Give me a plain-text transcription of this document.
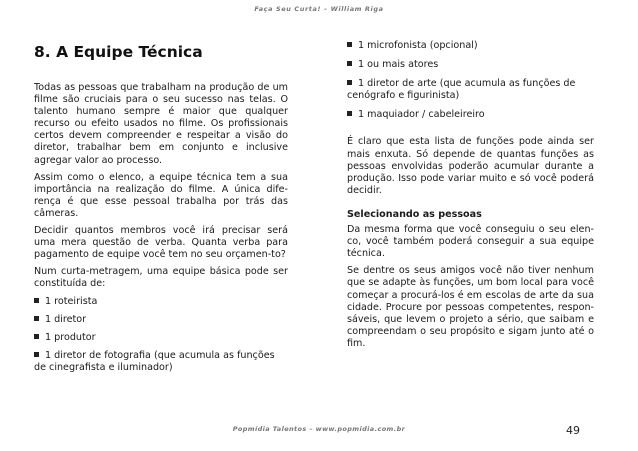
Faça Seu Curta! – William Riga
8. A Equipe Técnica

Todas as pessoas que trabalham na produção de um filme são cruciais para o seu sucesso nas telas. O talento humano sempre é maior que qualquer recurso ou efeito usados no filme. Os profissionais certos devem compreender e respeitar a visão do diretor, trabalhar bem em conjunto e inclusive agregar valor ao processo.

Assim como o elenco, a equipe técnica tem a sua importância na realização do filme. A única dife-rença é que esse pessoal trabalha por trás das câmeras.

Decidir quantos membros você irá precisar será uma mera questão de verba. Quanta verba para pagamento de equipe você tem no seu orçamen-to?

Num curta-metragem, uma equipe básica pode ser constituída de:

1 roteirista
1 diretor
1 produtor
1 diretor de fotografia (que acumula as funções de cinegrafista e iluminador)
1 microfonista (opcional)
1 ou mais atores
1 diretor de arte (que acumula as funções de cenógrafo e figurinista)
1 maquiador / cabeleireiro

É claro que esta lista de funções pode ainda ser mais enxuta. Só depende de quantas funções as pessoas envolvidas poderão acumular durante a produção. Isso pode variar muito e só você poderá decidir.

Selecionando as pessoas

Da mesma forma que você conseguiu o seu elen-co, você também poderá conseguir a sua equipe técnica.

Se dentre os seus amigos você não tiver nenhum que se adapte às funções, um bom local para você começar a procurá-los é em escolas de arte da sua cidade. Procure por pessoas competentes, respon-sáveis, que levem o projeto a sério, que saibam e compreendam o seu propósito e sigam junto até o fim.

Popmídia Talentos – www.popmidia.com.br	49
